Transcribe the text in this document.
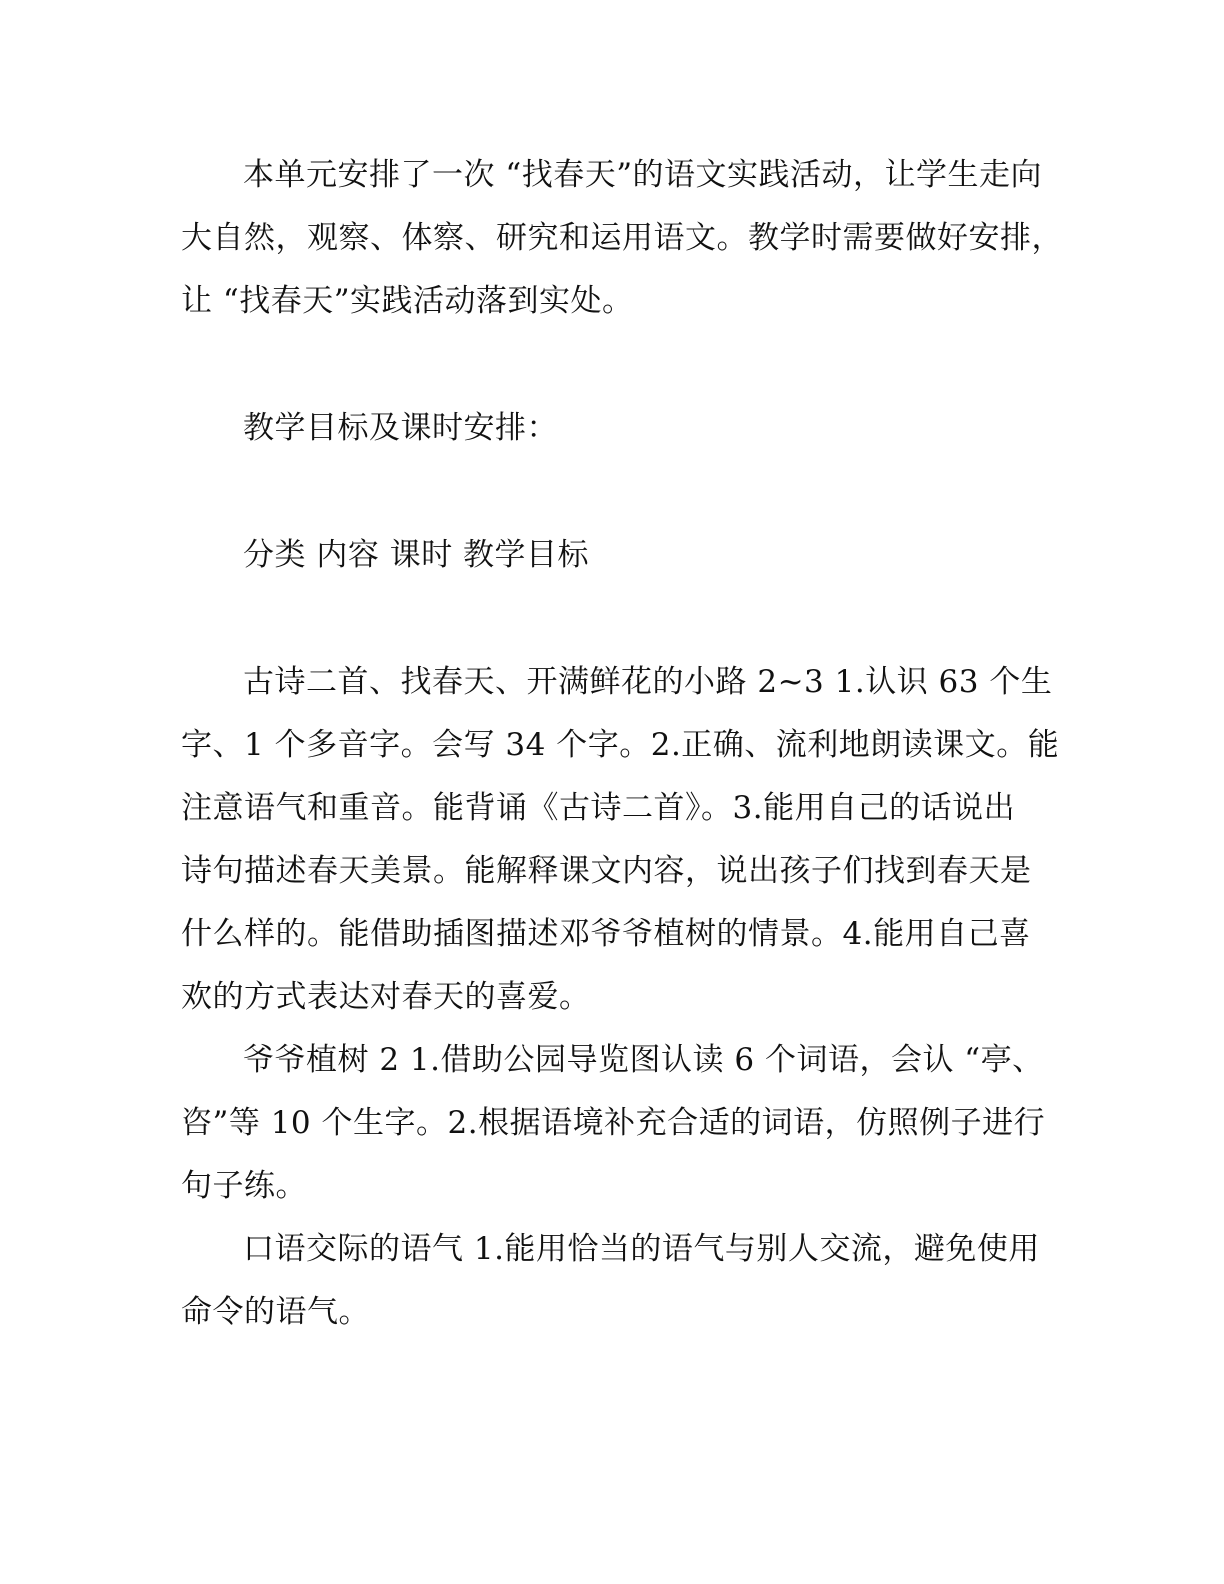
本单元安排了一次 “找春天”的语文实践活动，让学生走向
大自然，观察、体察、研究和运用语文。教学时需要做好安排，
让 “找春天”实践活动落到实处。
教学目标及课时安排：
分类 内容 课时 教学目标
古诗二首、找春天、开满鲜花的小路 2~3 1.认识 63 个生
字、1 个多音字。会写 34 个字。2.正确、流利地朗读课文。能
注意语气和重音。能背诵《古诗二首》。3.能用自己的话说出
诗句描述春天美景。能解释课文内容，说出孩子们找到春天是
什么样的。能借助插图描述邓爷爷植树的情景。4.能用自己喜
欢的方式表达对春天的喜爱。
爷爷植树 2 1.借助公园导览图认读 6 个词语，会认 “亭、
咨”等 10 个生字。2.根据语境补充合适的词语，仿照例子进行
句子练。
口语交际的语气 1.能用恰当的语气与别人交流，避免使用
命令的语气。
